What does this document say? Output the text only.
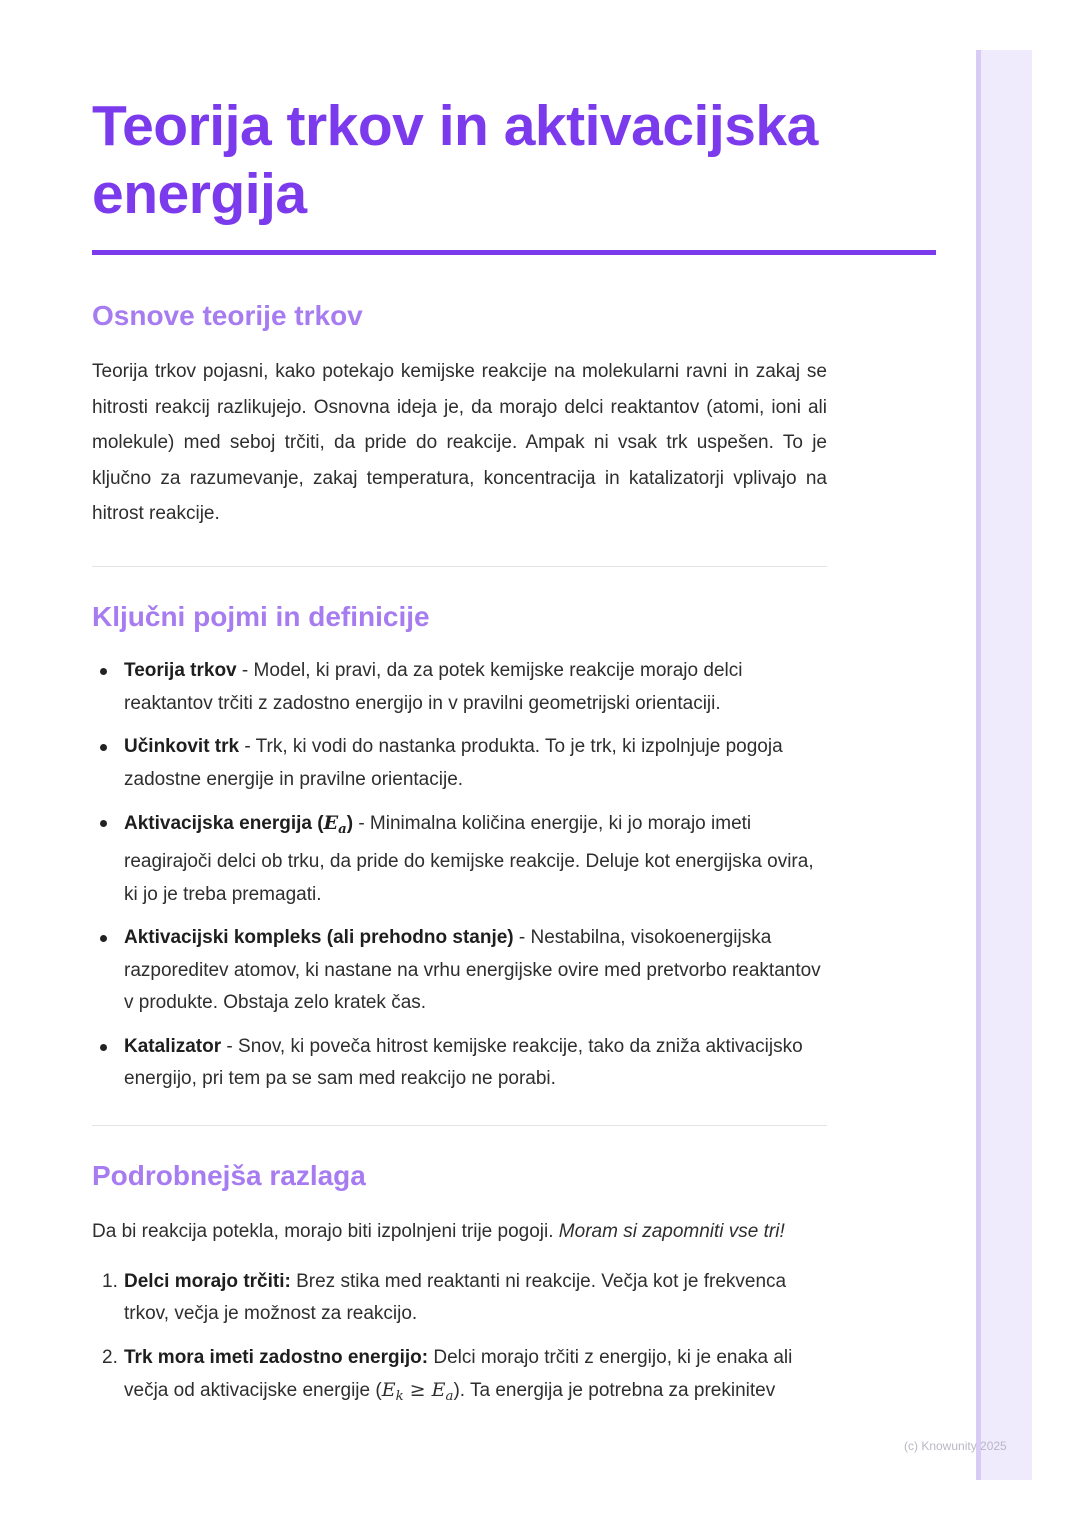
(c) Knowunity 2025
Teorija trkov in aktivacijska energija
Osnove teorije trkov

Teorija trkov pojasni, kako potekajo kemijske reakcije na molekularni ravni in zakaj se hitrosti reakcij razlikujejo. Osnovna ideja je, da morajo delci reaktantov (atomi, ioni ali molekule) med seboj trčiti, da pride do reakcije. Ampak ni vsak trk uspešen. To je ključno za razumevanje, zakaj temperatura, koncentracija in katalizatorji vplivajo na hitrost reakcije.

Ključni pojmi in definicije
Teorija trkov - Model, ki pravi, da za potek kemijske reakcije morajo delci reaktantov trčiti z zadostno energijo in v pravilni geometrijski orientaciji.
Učinkovit trk - Trk, ki vodi do nastanka produkta. To je trk, ki izpolnjuje pogoja zadostne energije in pravilne orientacije.
Aktivacijska energija $(E_a)$ - Minimalna količina energije, ki jo morajo imeti reagirajoči delci ob trku, da pride do kemijske reakcije. Deluje kot energijska ovira, ki jo je treba premagati.
Aktivacijski kompleks (ali prehodno stanje) - Nestabilna, visokoenergijska razporeditev atomov, ki nastane na vrhu energijske ovire med pretvorbo reaktantov v produkte. Obstaja zelo kratek čas.
Katalizator - Snov, ki poveča hitrost kemijske reakcije, tako da zniža aktivacijsko energijo, pri tem pa se sam med reakcijo ne porabi.
Podrobnejša razlaga

Da bi reakcija potekla, morajo biti izpolnjeni trije pogoji. Moram si zapomniti vse tri!

1. Delci morajo trčiti: Brez stika med reaktanti ni reakcije. Večja kot je frekvenca trkov, večja je možnost za reakcijo.
2. Trk mora imeti zadostno energijo: Delci morajo trčiti z energijo, ki je enaka ali večja od aktivacijske energije $(E_k \ge E_a)$. Ta energija je potrebna za prekinitev
